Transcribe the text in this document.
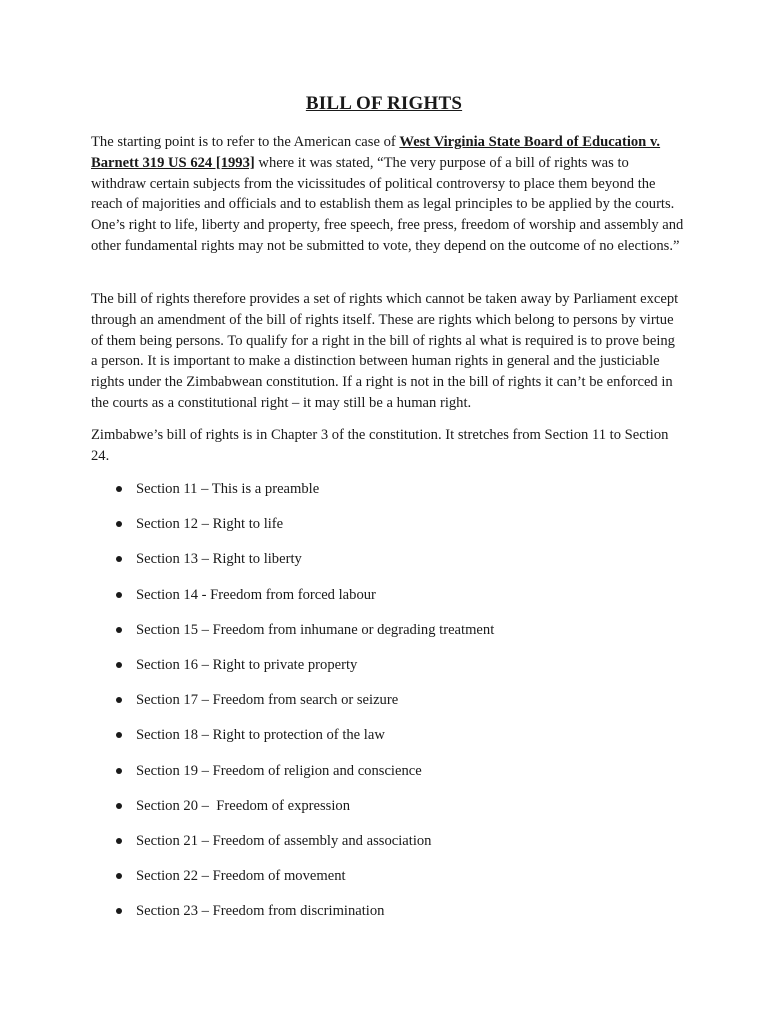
BILL OF RIGHTS

The starting point is to refer to the American case of West Virginia State Board of Education v. Barnett 319 US 624 [1993] where it was stated, “The very purpose of a bill of rights was to withdraw certain subjects from the vicissitudes of political controversy to place them beyond the reach of majorities and officials and to establish them as legal principles to be applied by the courts. One’s right to life, liberty and property, free speech, free press, freedom of worship and assembly and other fundamental rights may not be submitted to vote, they depend on the outcome of no elections.”

The bill of rights therefore provides a set of rights which cannot be taken away by Parliament except through an amendment of the bill of rights itself. These are rights which belong to persons by virtue of them being persons. To qualify for a right in the bill of rights al what is required is to prove being a person. It is important to make a distinction between human rights in general and the justiciable rights under the Zimbabwean constitution. If a right is not in the bill of rights it can’t be enforced in the courts as a constitutional right – it may still be a human right.

Zimbabwe’s bill of rights is in Chapter 3 of the constitution. It stretches from Section 11 to Section 24.

Section 11 – This is a preamble
Section 12 – Right to life
Section 13 – Right to liberty
Section 14 - Freedom from forced labour
Section 15 – Freedom from inhumane or degrading treatment
Section 16 – Right to private property
Section 17 – Freedom from search or seizure
Section 18 – Right to protection of the law
Section 19 – Freedom of religion and conscience
Section 20 –  Freedom of expression
Section 21 – Freedom of assembly and association
Section 22 – Freedom of movement
Section 23 – Freedom from discrimination
